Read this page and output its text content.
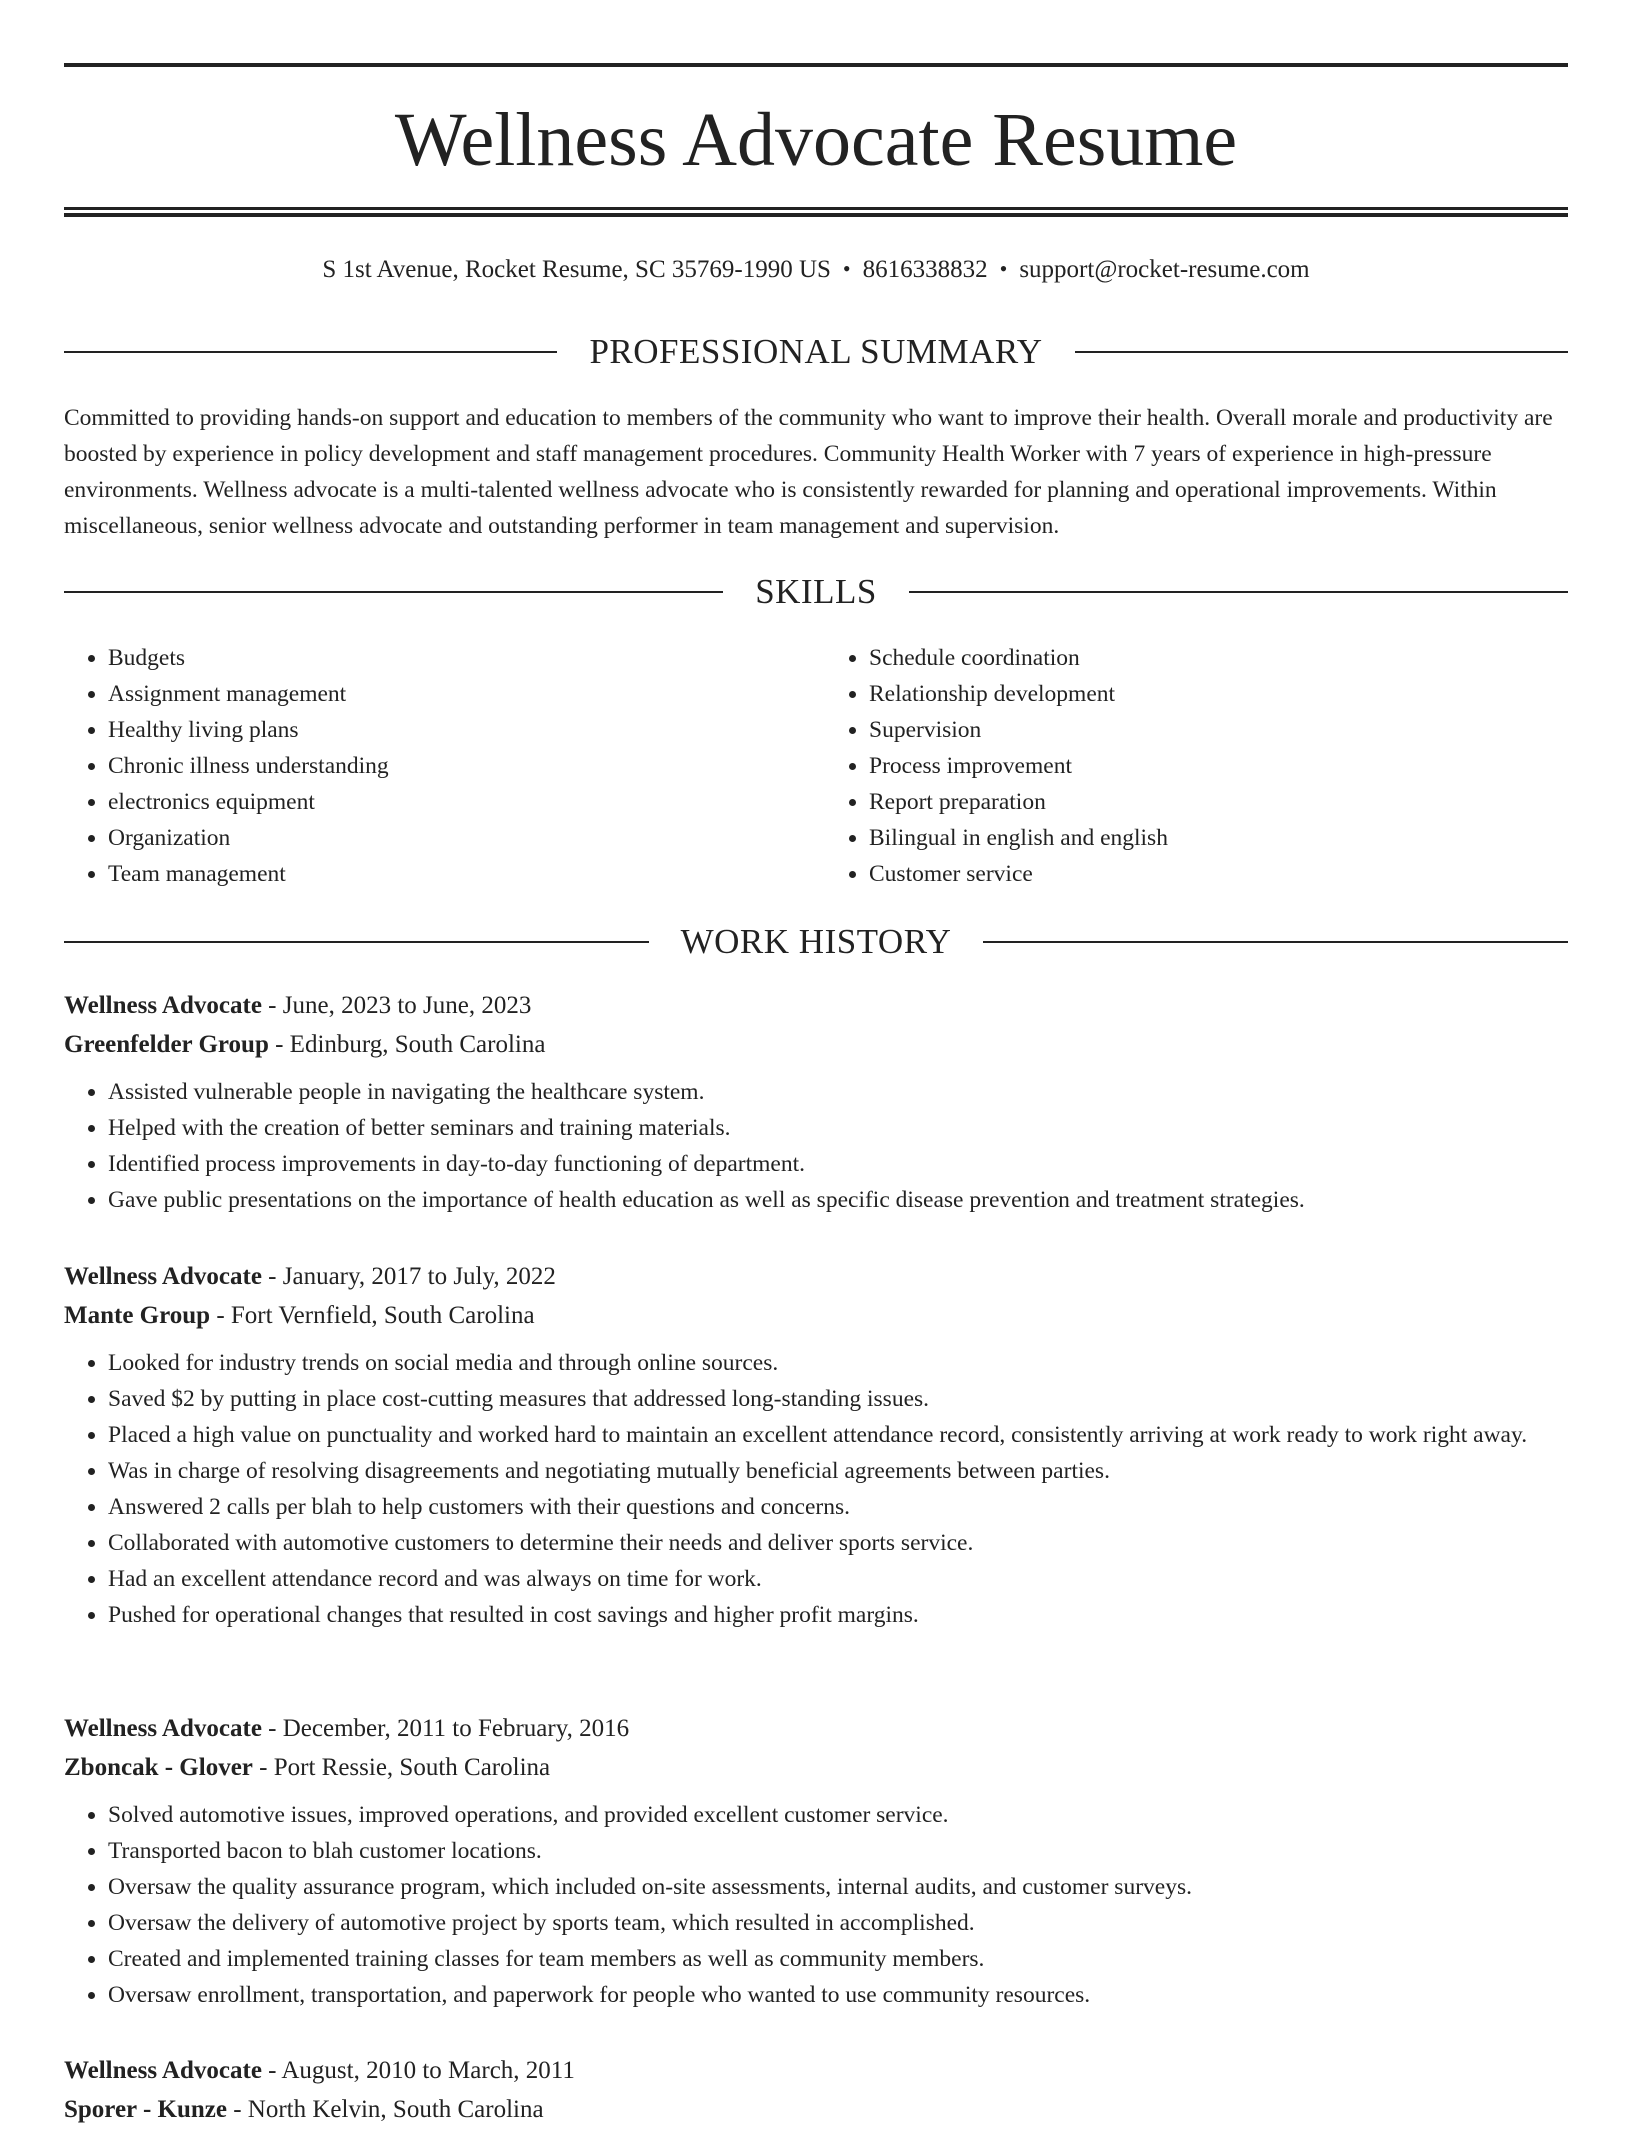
Wellness Advocate Resume
S 1st Avenue, Rocket Resume, SC 35769-1990 US • 8616338832 • support@rocket-resume.com
PROFESSIONAL SUMMARY

Committed to providing hands-on support and education to members of the community who want to improve their health. Overall morale and productivity are boosted by experience in policy development and staff management procedures. Community Health Worker with 7 years of experience in high-pressure environments. Wellness advocate is a multi-talented wellness advocate who is consistently rewarded for planning and operational improvements. Within miscellaneous, senior wellness advocate and outstanding performer in team management and supervision.

SKILLS
• Budgets
• Assignment management
• Healthy living plans
• Chronic illness understanding
• electronics equipment
• Organization
• Team management
• Schedule coordination
• Relationship development
• Supervision
• Process improvement
• Report preparation
• Bilingual in english and english
• Customer service
WORK HISTORY
Wellness Advocate - June, 2023 to June, 2023
Greenfelder Group - Edinburg, South Carolina
• Assisted vulnerable people in navigating the healthcare system.
• Helped with the creation of better seminars and training materials.
• Identified process improvements in day-to-day functioning of department.
• Gave public presentations on the importance of health education as well as specific disease prevention and treatment strategies.
Wellness Advocate - January, 2017 to July, 2022
Mante Group - Fort Vernfield, South Carolina
• Looked for industry trends on social media and through online sources.
• Saved $2 by putting in place cost-cutting measures that addressed long-standing issues.
• Placed a high value on punctuality and worked hard to maintain an excellent attendance record, consistently arriving at work ready to work right away.
• Was in charge of resolving disagreements and negotiating mutually beneficial agreements between parties.
• Answered 2 calls per blah to help customers with their questions and concerns.
• Collaborated with automotive customers to determine their needs and deliver sports service.
• Had an excellent attendance record and was always on time for work.
• Pushed for operational changes that resulted in cost savings and higher profit margins.
Wellness Advocate - December, 2011 to February, 2016
Zboncak - Glover - Port Ressie, South Carolina
• Solved automotive issues, improved operations, and provided excellent customer service.
• Transported bacon to blah customer locations.
• Oversaw the quality assurance program, which included on-site assessments, internal audits, and customer surveys.
• Oversaw the delivery of automotive project by sports team, which resulted in accomplished.
• Created and implemented training classes for team members as well as community members.
• Oversaw enrollment, transportation, and paperwork for people who wanted to use community resources.
Wellness Advocate - August, 2010 to March, 2011
Sporer - Kunze - North Kelvin, South Carolina
